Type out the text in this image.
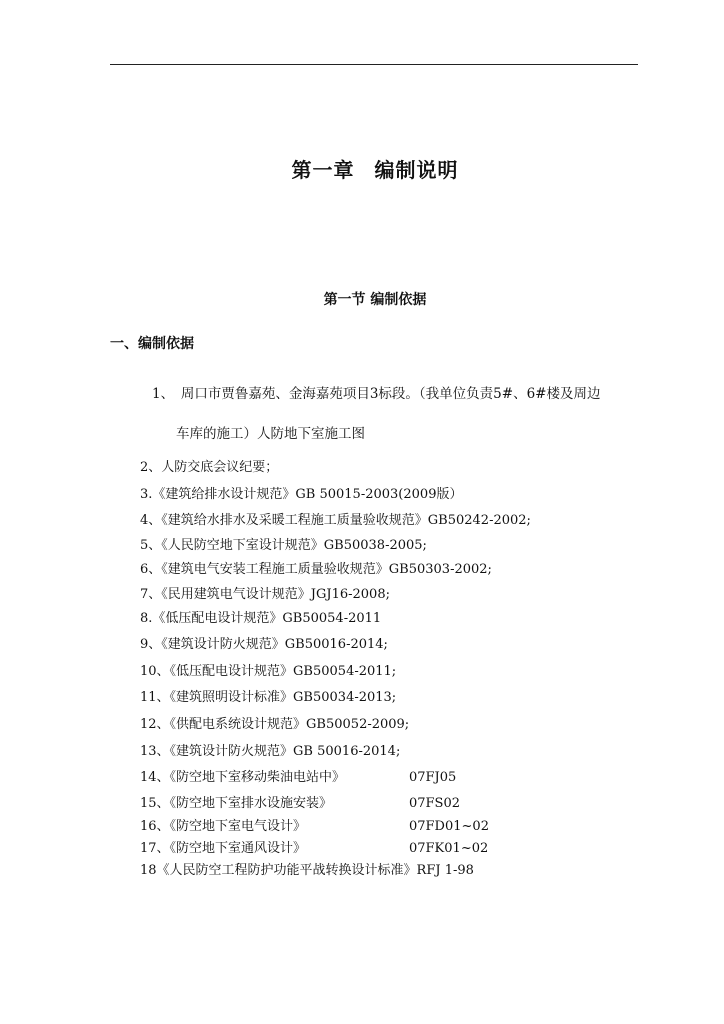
第一章 编制说明
第一节 编制依据
一、编制依据
1、　周口市贾鲁嘉苑、金海嘉苑项目3标段。（我单位负责5#、6#楼及周边
车库的施工）人防地下室施工图
2、人防交底会议纪要；
3.《建筑给排水设计规范》GB 50015-2003(2009版）
4、《建筑给水排水及采暖工程施工质量验收规范》GB50242-2002;
5、《人民防空地下室设计规范》GB50038-2005;
6、《建筑电气安装工程施工质量验收规范》GB50303-2002;
7、《民用建筑电气设计规范》JGJ16-2008;
8.《低压配电设计规范》GB50054-2011
9、《建筑设计防火规范》GB50016-2014;
10、《低压配电设计规范》GB50054-2011;
11、《建筑照明设计标准》GB50034-2013;
12、《供配电系统设计规范》GB50052-2009;
13、《建筑设计防火规范》GB 50016-2014;
14、《防空地下室移动柴油电站中》	07FJ05
15、《防空地下室排水设施安装》	07FS02
16、《防空地下室电气设计》	07FD01~02
17、《防空地下室通风设计》	07FK01~02
18《人民防空工程防护功能平战转换设计标准》RFJ 1-98
